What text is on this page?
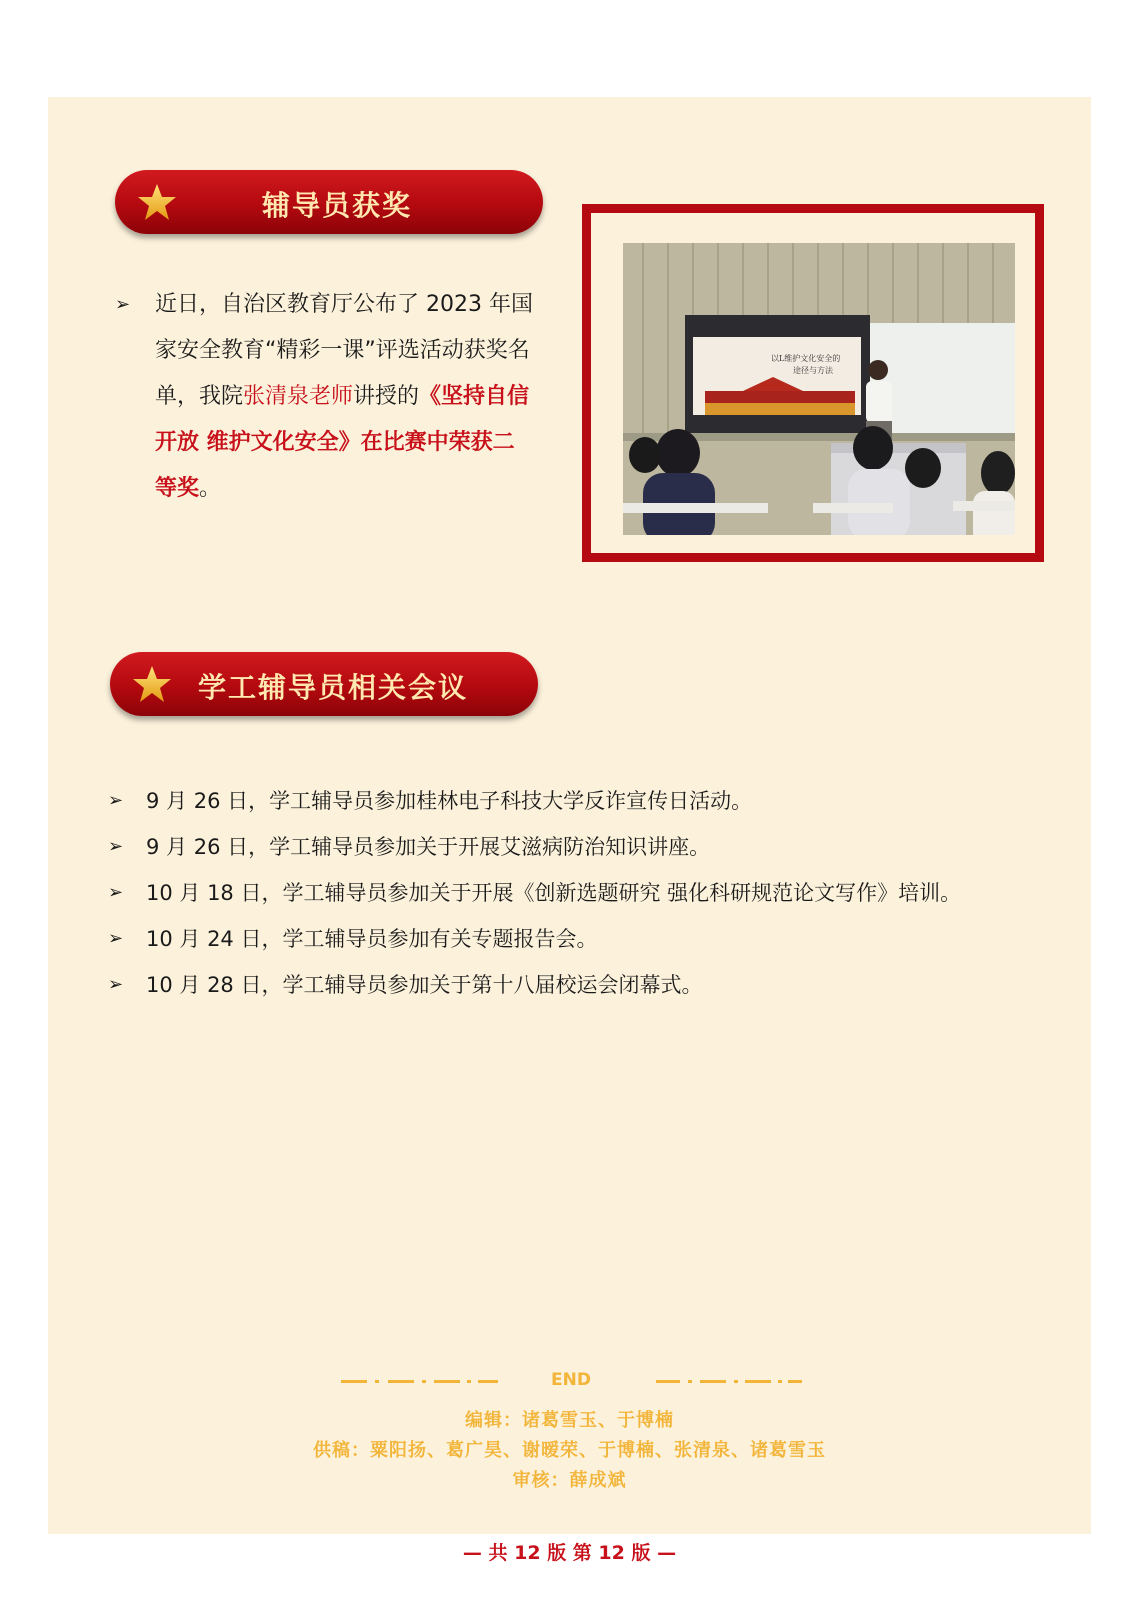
辅导员获奖
➢	近日，自治区教育厅公布了 2023 年国家安全教育“精彩一课”评选活动获奖名单，我院张清泉老师讲授的《坚持自信开放 维护文化安全》在比赛中荣获二等奖。
以L维护文化安全的
途径与方法
学工辅导员相关会议
➢ 9 月 26 日，学工辅导员参加桂林电子科技大学反诈宣传日活动。
➢ 9 月 26 日，学工辅导员参加关于开展艾滋病防治知识讲座。
➢ 10 月 18 日，学工辅导员参加关于开展《创新选题研究 强化科研规范论文写作》培训。
➢ 10 月 24 日，学工辅导员参加有关专题报告会。
➢ 10 月 28 日，学工辅导员参加关于第十八届校运会闭幕式。
END
编辑：诸葛雪玉、于博楠
供稿：粟阳扬、葛广昊、谢暧荣、于博楠、张清泉、诸葛雪玉
审核：薛成斌
— 共 12 版 第 12 版 —
